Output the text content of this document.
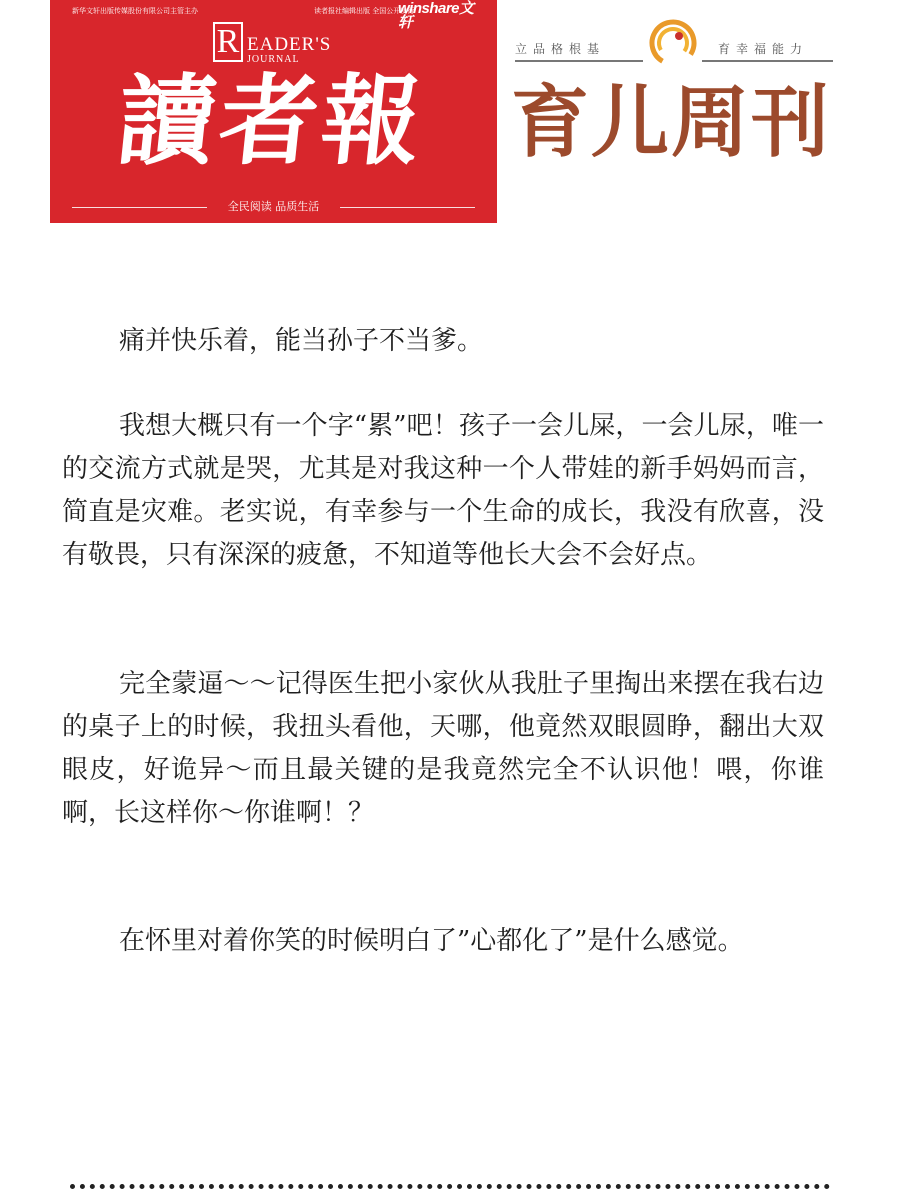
新华文轩出版传媒股份有限公司主管主办	读者报社编辑出版 全国公开发行
winshare文轩
R EADER'S
JOURNAL
讀者報
全民阅读 品质生活
立品格根基	育幸福能力
育儿周刊

痛并快乐着，能当孙子不当爹。

我想大概只有一个字“累”吧！孩子一会儿屎，一会儿尿，唯一的交流方式就是哭，尤其是对我这种一个人带娃的新手妈妈而言，简直是灾难。老实说，有幸参与一个生命的成长，我没有欣喜，没有敬畏，只有深深的疲惫，不知道等他长大会不会好点。

完全蒙逼～～记得医生把小家伙从我肚子里掏出来摆在我右边的桌子上的时候，我扭头看他，天哪，他竟然双眼圆睁，翻出大双眼皮，好诡异～而且最关键的是我竟然完全不认识他！喂，你谁啊，长这样你～你谁啊！？

在怀里对着你笑的时候明白了”心都化了”是什么感觉。
